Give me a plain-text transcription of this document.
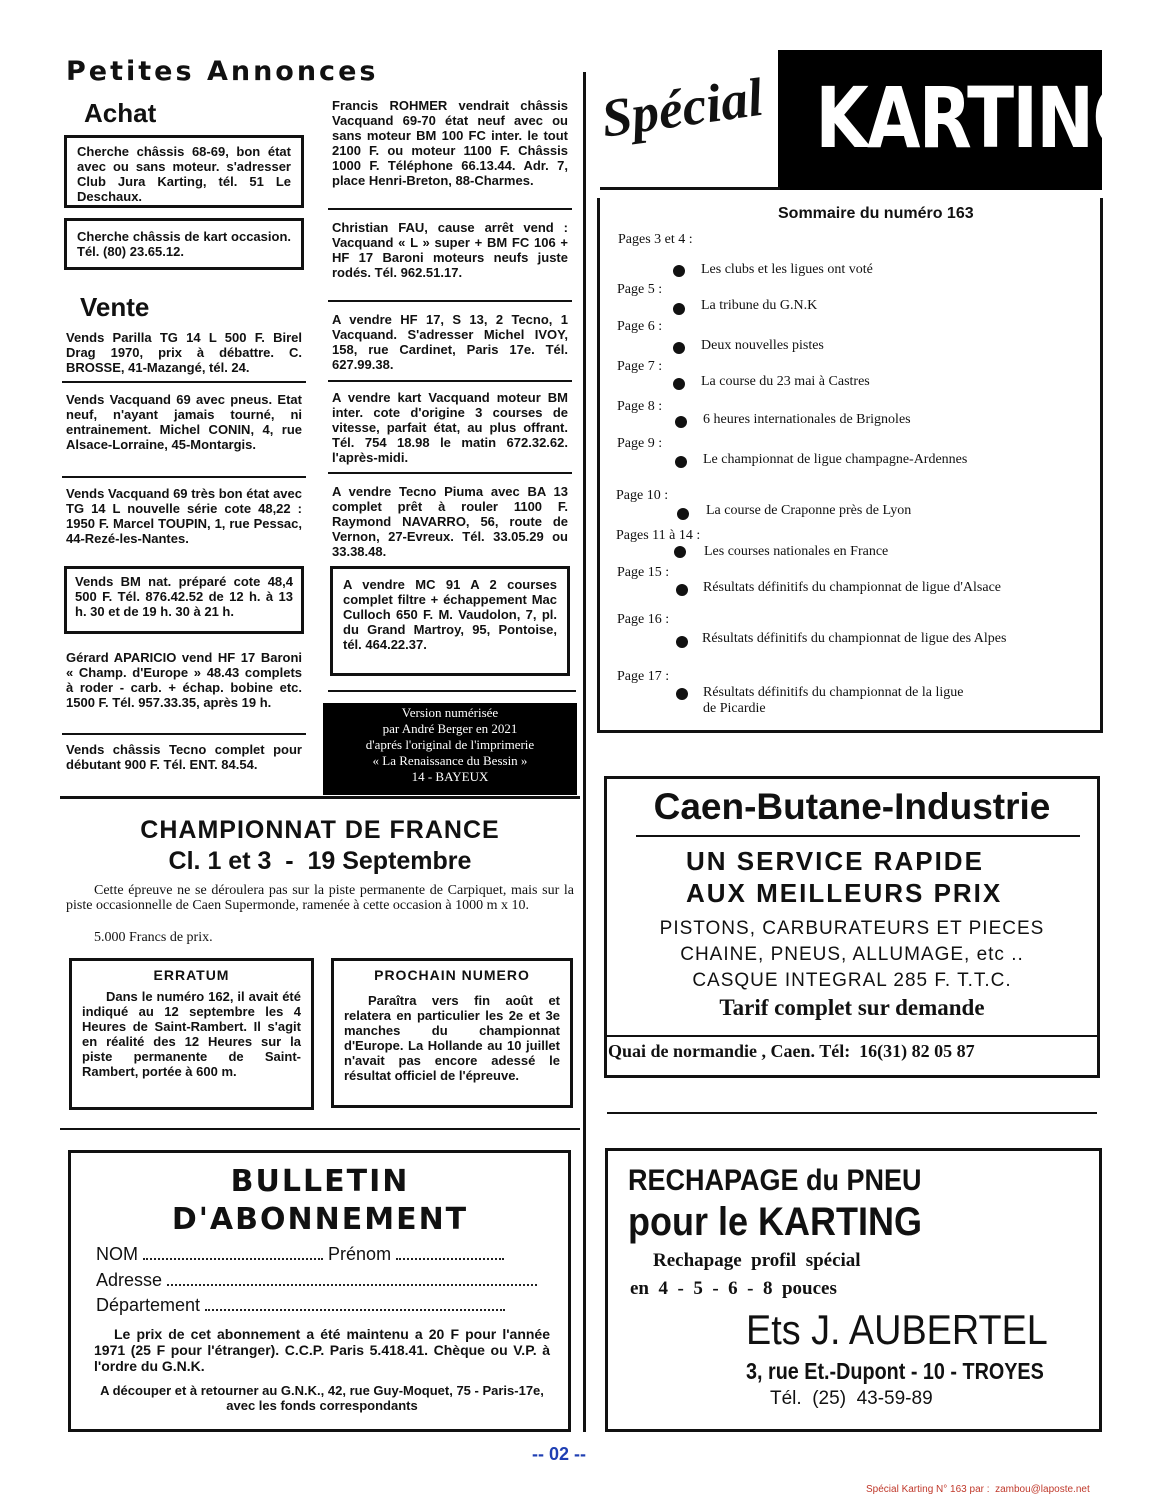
Petites Annonces
Achat
Cherche châssis 68-69, bon état avec ou sans moteur. s'adresser Club Jura Karting, tél. 51 Le Deschaux.
Cherche châssis de kart occasion. Tél. (80) 23.65.12.
Vente
Vends Parilla TG 14 L 500 F. Birel Drag 1970, prix à débattre. C. BROSSE, 41-Mazangé, tél. 24.
Vends Vacquand 69 avec pneus. Etat neuf, n'ayant jamais tourné, ni entrainement. Michel CONIN, 4, rue Alsace-Lorraine, 45-Montargis.
Vends Vacquand 69 très bon état avec TG 14 L nouvelle série cote 48,22 : 1950 F. Marcel TOUPIN, 1, rue Pessac, 44-Rezé-les-Nantes.
Vends BM nat. préparé cote 48,4 500 F. Tél. 876.42.52 de 12 h. à 13 h. 30 et de 19 h. 30 à 21 h.
Gérard APARICIO vend HF 17 Baroni « Champ. d'Europe » 48.43 complets à roder - carb. + échap. bobine etc. 1500 F. Tél. 957.33.35, après 19 h.
Vends châssis Tecno complet pour débutant 900 F. Tél. ENT. 84.54.
Francis ROHMER vendrait châssis Vacquand 69-70 état neuf avec ou sans moteur BM 100 FC inter. le tout 2100 F. ou moteur 1100 F. Châssis 1000 F. Téléphone 66.13.44. Adr. 7, place Henri-Breton, 88-Charmes.
Christian FAU, cause arrêt vend : Vacquand « L » super + BM FC 106 + HF 17 Baroni moteurs neufs juste rodés. Tél. 962.51.17.
A vendre HF 17, S 13, 2 Tecno, 1 Vacquand. S'adresser Michel IVOY, 158, rue Cardinet, Paris 17e. Tél. 627.99.38.
A vendre kart Vacquand moteur BM inter. cote d'origine 3 courses de vitesse, parfait état, au plus offrant. Tél. 754 18.98 le matin 672.32.62. l'après-midi.
A vendre Tecno Piuma avec BA 13 complet prêt à rouler 1100 F. Raymond NAVARRO, 56, route de Vernon, 27-Evreux. Tél. 33.05.29 ou 33.38.48.
A vendre MC 91 A 2 courses complet filtre + échappement Mac Culloch 650 F. M. Vaudolon, 7, pl. du Grand Martroy, 95, Pontoise, tél. 464.22.37.
Version numérisée
par André Berger en 2021
d'aprés l'original de l'imprimerie
« La Renaissance du Bessin »
14 - BAYEUX
Spécial KARTING
Sommaire du numéro 163
Pages 3 et 4 :
Les clubs et les ligues ont voté
Page 5 :
La tribune du G.N.K
Page 6 :
Deux nouvelles pistes
Page 7 :
La course du 23 mai à Castres
Page 8 :
6 heures internationales de Brignoles
Page 9 :
Le championnat de ligue champagne-Ardennes
Page 10 :
La course de Craponne près de Lyon
Pages 11 à 14 :
Les courses nationales en France
Page 15 :
Résultats définitifs du championnat de ligue d'Alsace
Page 16 :
Résultats définitifs du championnat de ligue des Alpes
Page 17 :
Résultats définitifs du championnat de la ligue
de Picardie
CHAMPIONNAT DE FRANCE
Cl. 1 et 3  -  19 Septembre
Cette épreuve ne se déroulera pas sur la piste permanente de Carpiquet, mais sur la piste occasionnelle de Caen Supermonde, ramenée à cette occasion à 1000 m x 10.
5.000 Francs de prix.
ERRATUM
Dans le numéro 162, il avait été indiqué au 12 septembre les 4 Heures de Saint-Rambert. Il s'agit en réalité des 12 Heures sur la piste permanente de Saint-Rambert, portée à 600 m.
PROCHAIN NUMERO
Paraîtra vers fin août et relatera en particulier les 2e et 3e manches du championnat d'Europe. La Hollande au 10 juillet n'avait pas encore adessé le résultat officiel de l'épreuve.
Caen-Butane-Industrie
UN SERVICE RAPIDE
AUX MEILLEURS PRIX
PISTONS, CARBURATEURS ET PIECES
CHAINE, PNEUS, ALLUMAGE, etc ..
CASQUE INTEGRAL 285 F. T.T.C.
Tarif complet sur demande
Quai de normandie , Caen. Tél:  16(31) 82 05 87
BULLETIN
D'ABONNEMENT
NOM	Prénom
Adresse
Département
Le prix de cet abonnement a été maintenu a 20 F pour l'année 1971 (25 F pour l'étranger). C.C.P. Paris 5.418.41. Chèque ou V.P. à l'ordre du G.N.K.
A découper et à retourner au G.N.K., 42, rue Guy-Moquet, 75 - Paris-17e, avec les fonds correspondants
RECHAPAGE du PNEU
pour le KARTING
Rechapage  profil  spécial
en  4  -  5  -  6  -  8  pouces
Ets J. AUBERTEL
3, rue Et.-Dupont - 10 - TROYES
Tél.  (25)  43-59-89
-- 02 --
Spécial Karting N° 163 par :  zambou@laposte.net
